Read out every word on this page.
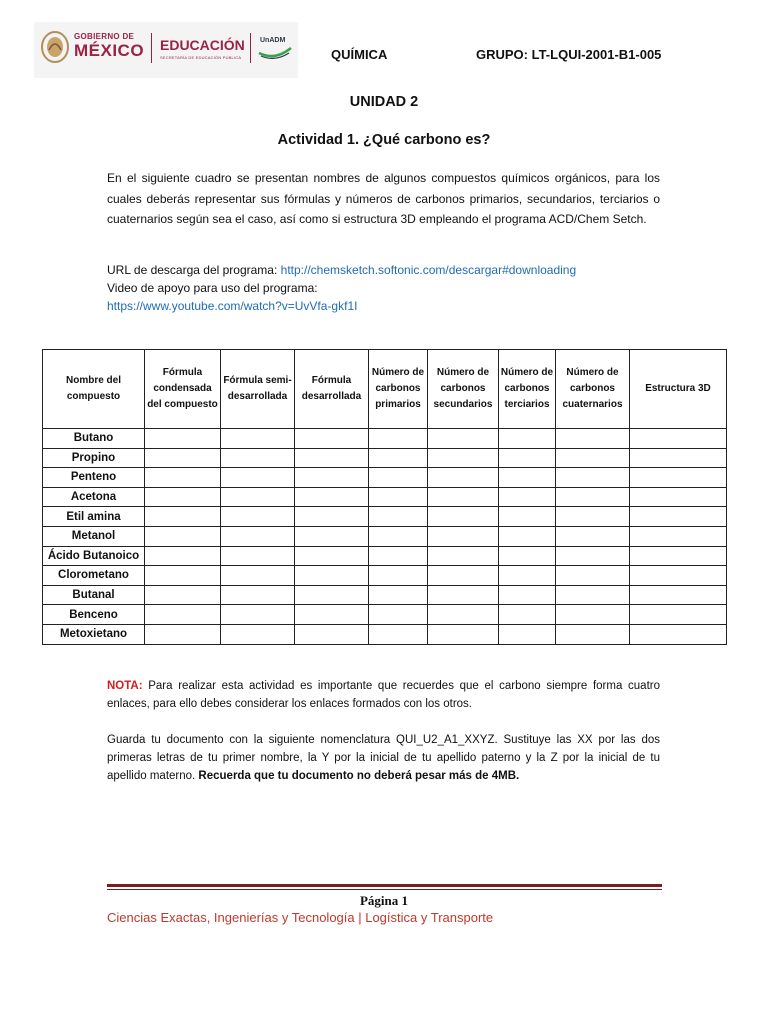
GOBIERNO DE
MÉXICO EDUCACIÓN
SECRETARÍA DE EDUCACIÓN PÚBLICA
UnADM
QUÍMICA	GRUPO: LT-LQUI-2001-B1-005
UNIDAD 2
Actividad 1. ¿Qué carbono es?
En el siguiente cuadro se presentan nombres de algunos compuestos químicos orgánicos, para los cuales deberás representar sus fórmulas y números de carbonos primarios, secundarios, terciarios o cuaternarios según sea el caso, así como si estructura 3D empleando el programa ACD/Chem Setch.
URL de descarga del programa: http://chemsketch.softonic.com/descargar#downloading
Video de apoyo para uso del programa:
https://www.youtube.com/watch?v=UvVfa-gkf1I
Nombre del compuesto	Fórmula condensada del compuesto	Fórmula semi-desarrollada	Fórmula desarrollada	Número de carbonos primarios	Número de carbonos secundarios	Número de carbonos terciarios	Número de carbonos cuaternarios	Estructura 3D
Butano								
Propino								
Penteno								
Acetona								
Etil amina								
Metanol								
Ácido Butanoico								
Clorometano								
Butanal								
Benceno								
Metoxietano								
NOTA: Para realizar esta actividad es importante que recuerdes que el carbono siempre forma cuatro enlaces, para ello debes considerar los enlaces formados con los otros.
Guarda tu documento con la siguiente nomenclatura QUI_U2_A1_XXYZ. Sustituye las XX por las dos primeras letras de tu primer nombre, la Y por la inicial de tu apellido paterno y la Z por la inicial de tu apellido materno. Recuerda que tu documento no deberá pesar más de 4MB.
Página 1
Ciencias Exactas, Ingenierías y Tecnología | Logística y Transporte
